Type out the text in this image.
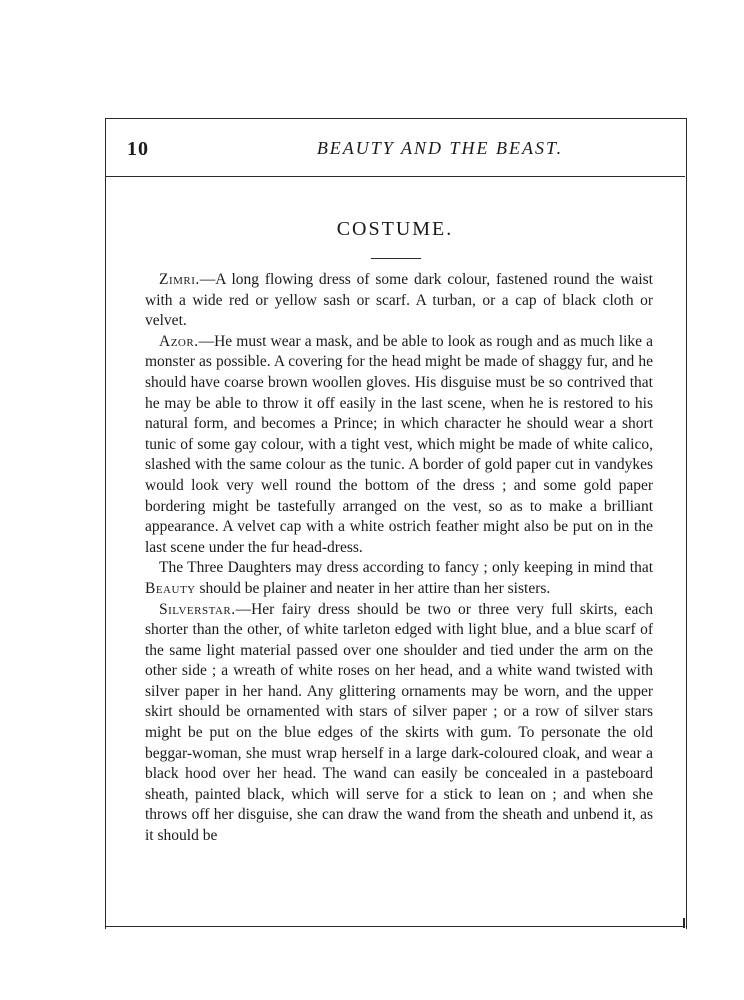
10	BEAUTY AND THE BEAST.
COSTUME.

Zimri.—A long flowing dress of some dark colour, fastened round the waist with a wide red or yellow sash or scarf. A turban, or a cap of black cloth or velvet.

Azor.—He must wear a mask, and be able to look as rough and as much like a monster as possible. A covering for the head might be made of shaggy fur, and he should have coarse brown woollen gloves. His disguise must be so contrived that he may be able to throw it off easily in the last scene, when he is restored to his natural form, and becomes a Prince; in which character he should wear a short tunic of some gay colour, with a tight vest, which might be made of white calico, slashed with the same colour as the tunic. A border of gold paper cut in vandykes would look very well round the bottom of the dress ; and some gold paper bordering might be tastefully arranged on the vest, so as to make a brilliant appearance. A velvet cap with a white ostrich feather might also be put on in the last scene under the fur head-dress.

The Three Daughters may dress according to fancy ; only keeping in mind that Beauty should be plainer and neater in her attire than her sisters.

Silverstar.—Her fairy dress should be two or three very full skirts, each shorter than the other, of white tarleton edged with light blue, and a blue scarf of the same light material passed over one shoulder and tied under the arm on the other side ; a wreath of white roses on her head, and a white wand twisted with silver paper in her hand. Any glittering ornaments may be worn, and the upper skirt should be ornamented with stars of silver paper ; or a row of silver stars might be put on the blue edges of the skirts with gum. To personate the old beggar-woman, she must wrap herself in a large dark-coloured cloak, and wear a black hood over her head. The wand can easily be concealed in a pasteboard sheath, painted black, which will serve for a stick to lean on ; and when she throws off her disguise, she can draw the wand from the sheath and unbend it, as it should be
